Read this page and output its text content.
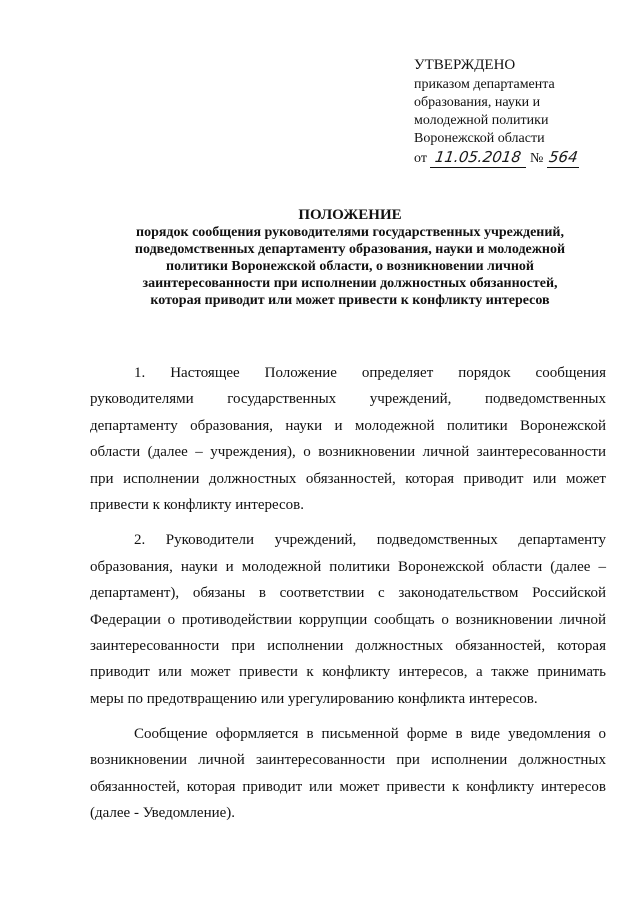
УТВЕРЖДЕНО
приказом департамента
образования, науки и
молодежной политики
Воронежской области
от 11.05.2018 № 564
ПОЛОЖЕНИЕ
порядок сообщения руководителями государственных учреждений,
подведомственных департаменту образования, науки и молодежной
политики Воронежской области, о возникновении личной
заинтересованности при исполнении должностных обязанностей,
которая приводит или может привести к конфликту интересов
1. Настоящее Положение определяет порядок сообщения
руководителями государственных учреждений, подведомственных
департаменту образования, науки и молодежной политики Воронежской
области (далее – учреждения), о возникновении личной заинтересованности
при исполнении должностных обязанностей, которая приводит или может
привести к конфликту интересов.
2. Руководители учреждений, подведомственных департаменту
образования, науки и молодежной политики Воронежской области (далее –
департамент), обязаны в соответствии с законодательством Российской
Федерации о противодействии коррупции сообщать о возникновении личной
заинтересованности при исполнении должностных обязанностей, которая
приводит или может привести к конфликту интересов, а также принимать
меры по предотвращению или урегулированию конфликта интересов.
Сообщение оформляется в письменной форме в виде уведомления о
возникновении личной заинтересованности при исполнении должностных
обязанностей, которая приводит или может привести к конфликту интересов
(далее - Уведомление).
